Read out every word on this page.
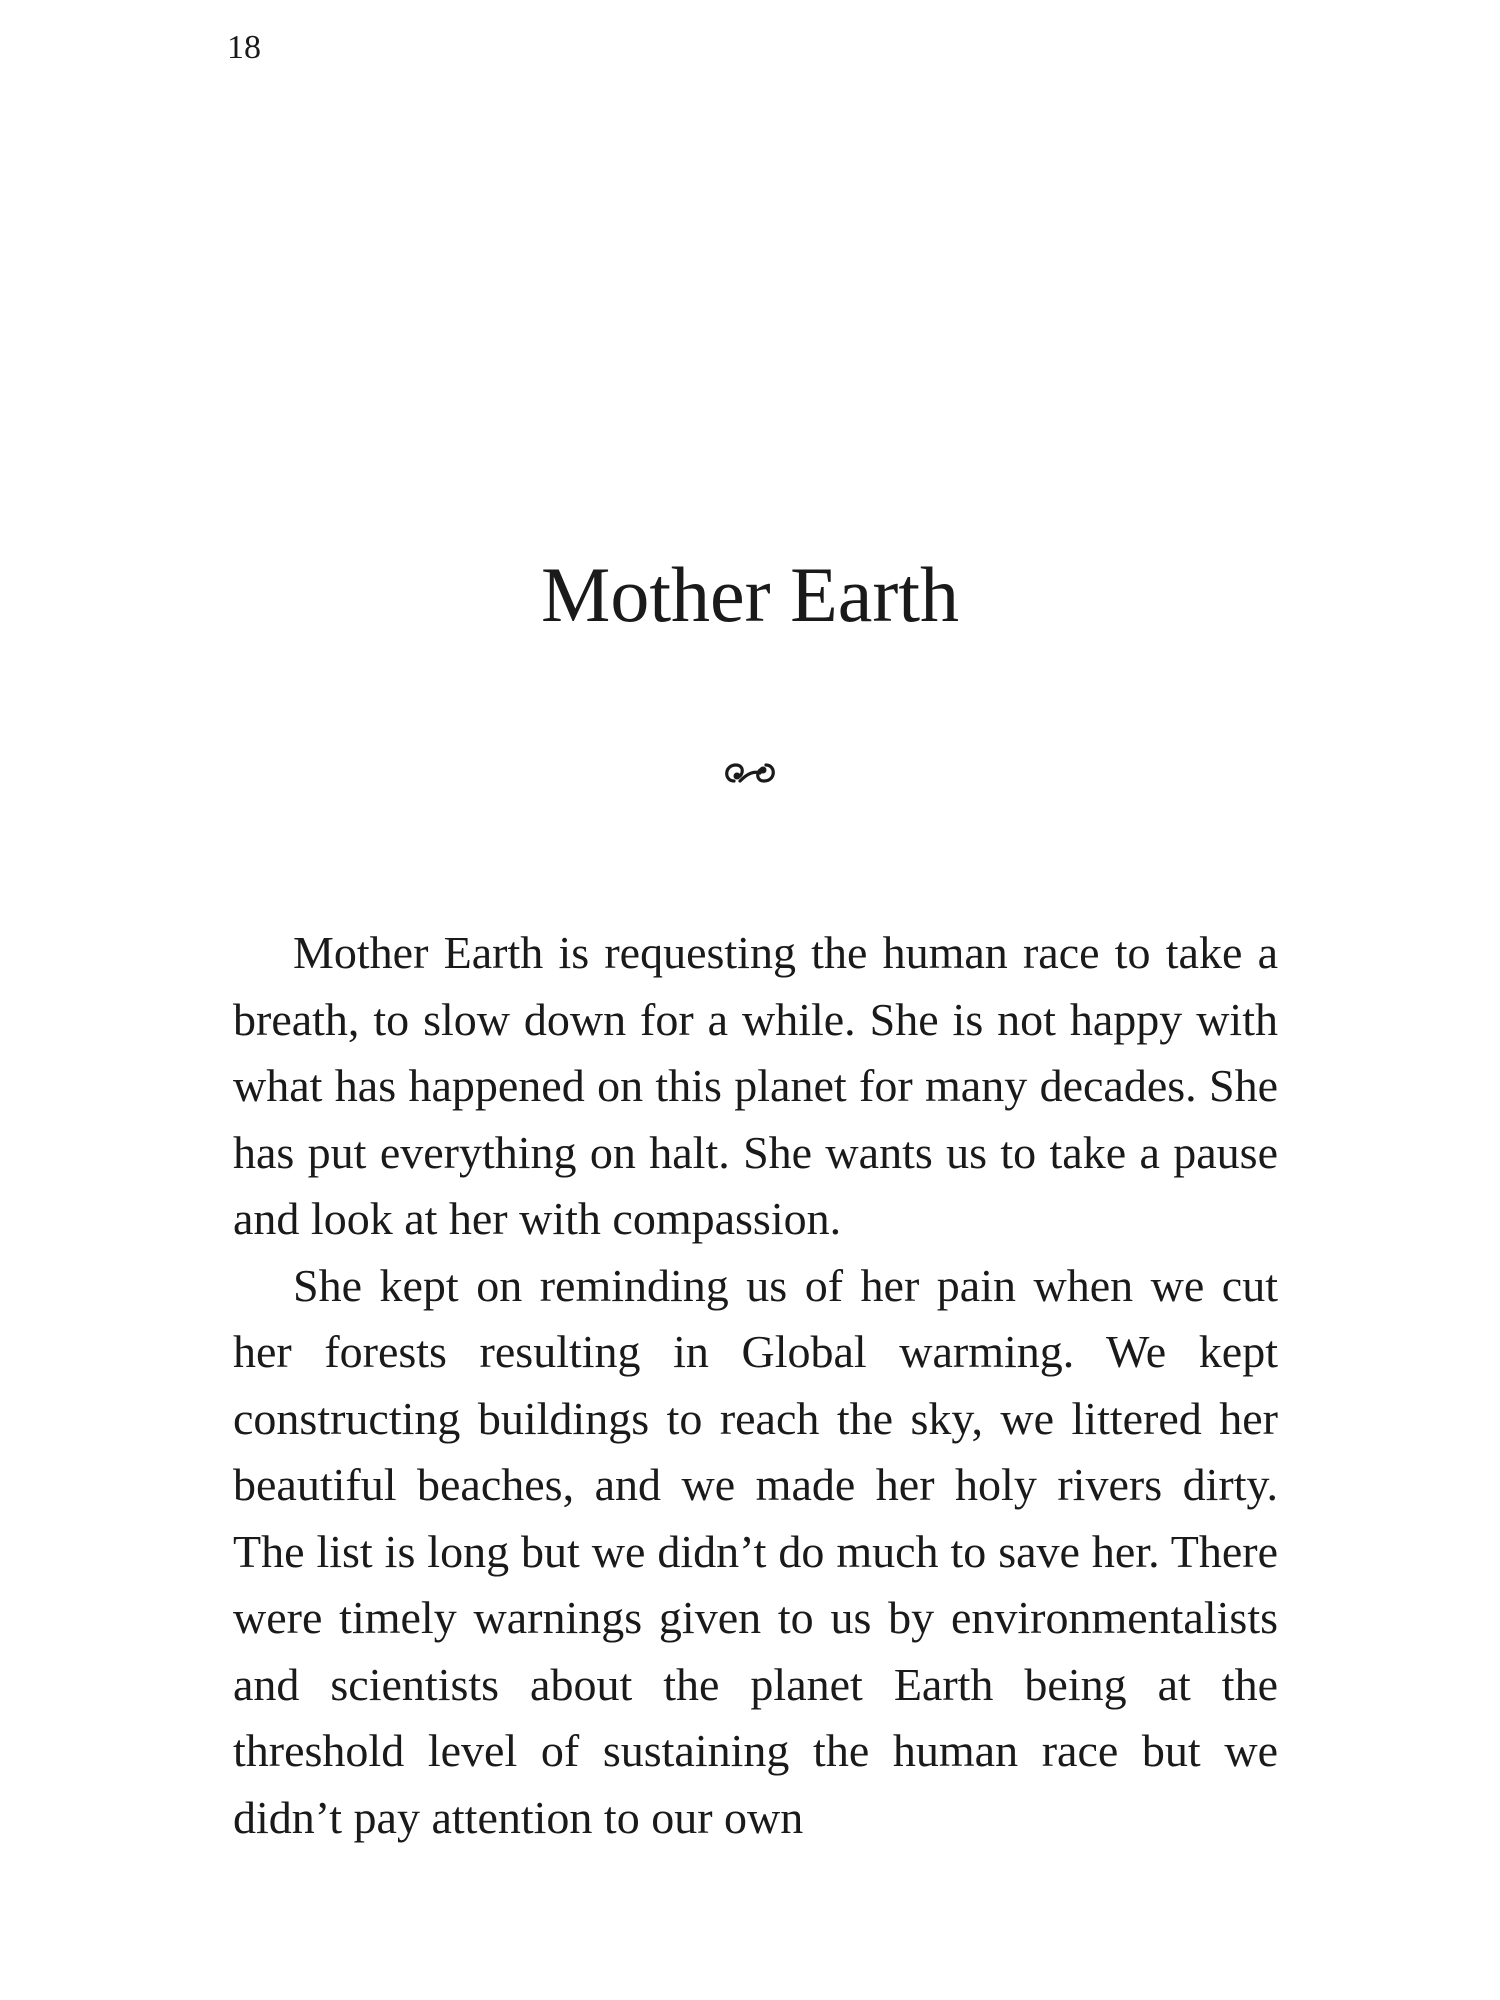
18
Mother Earth

Mother Earth is requesting the human race to take a breath, to slow down for a while. She is not happy with what has happened on this planet for many decades. She has put everything on halt. She wants us to take a pause and look at her with compassion.

She kept on reminding us of her pain when we cut her forests resulting in Global warming. We kept constructing buildings to reach the sky, we littered her beautiful beaches, and we made her holy rivers dirty. The list is long but we didn’t do much to save her. There were timely warnings given to us by environmentalists and scientists about the planet Earth being at the threshold level of sustaining the human race but we didn’t pay attention to our own
